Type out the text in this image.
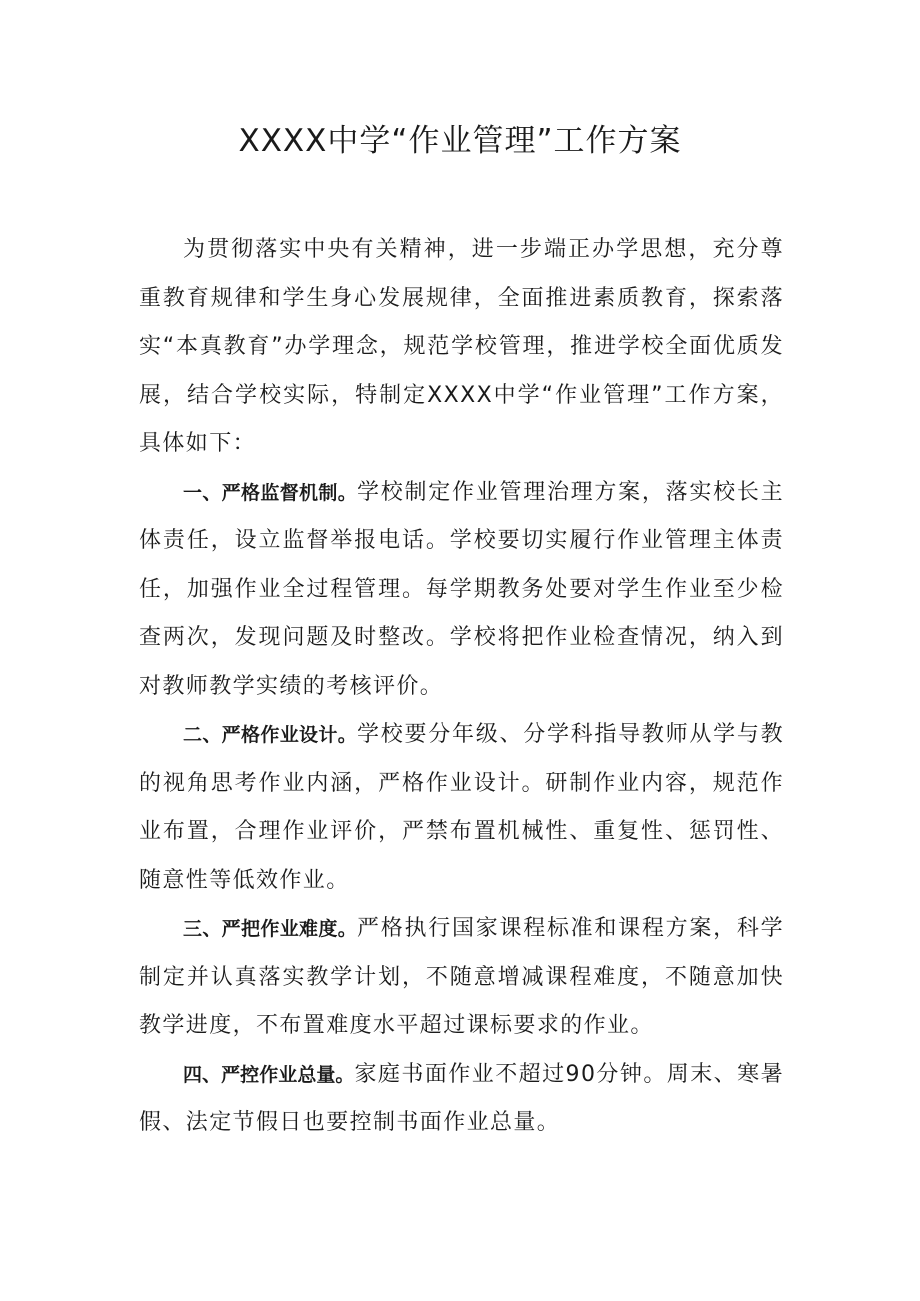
XXXX中学“作业管理”工作方案

为贯彻落实中央有关精神，进一步端正办学思想，充分尊重教育规律和学生身心发展规律，全面推进素质教育，探索落实“本真教育”办学理念，规范学校管理，推进学校全面优质发展，结合学校实际，特制定XXXX中学“作业管理”工作方案，具体如下：

一、严格监督机制。学校制定作业管理治理方案，落实校长主体责任，设立监督举报电话。学校要切实履行作业管理主体责任，加强作业全过程管理。每学期教务处要对学生作业至少检查两次，发现问题及时整改。学校将把作业检查情况，纳入到对教师教学实绩的考核评价。

二、严格作业设计。学校要分年级、分学科指导教师从学与教的视角思考作业内涵，严格作业设计。研制作业内容，规范作业布置，合理作业评价，严禁布置机械性、重复性、惩罚性、随意性等低效作业。

三、严把作业难度。严格执行国家课程标准和课程方案，科学制定并认真落实教学计划，不随意增减课程难度，不随意加快教学进度，不布置难度水平超过课标要求的作业。

四、严控作业总量。家庭书面作业不超过90分钟。周末、寒暑假、法定节假日也要控制书面作业总量。
